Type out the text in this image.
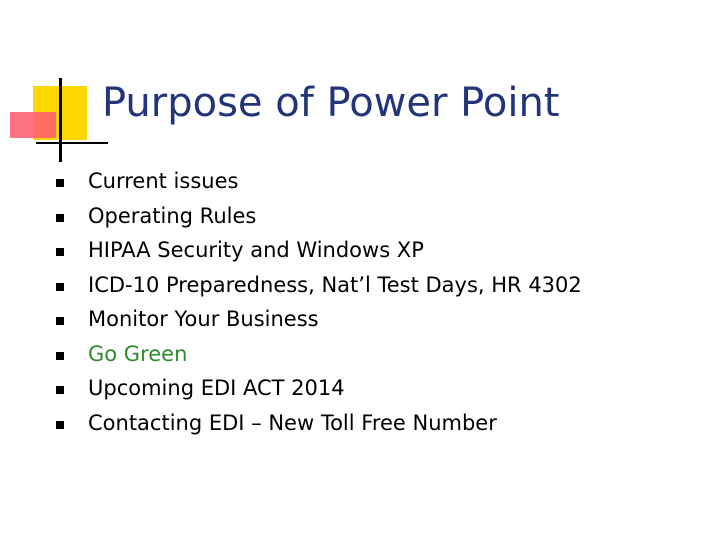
Purpose of Power Point
Current issues
Operating Rules
HIPAA Security and Windows XP
ICD-10 Preparedness, Nat’l Test Days, HR 4302
Monitor Your Business
Go Green
Upcoming EDI ACT 2014
Contacting EDI – New Toll Free Number
